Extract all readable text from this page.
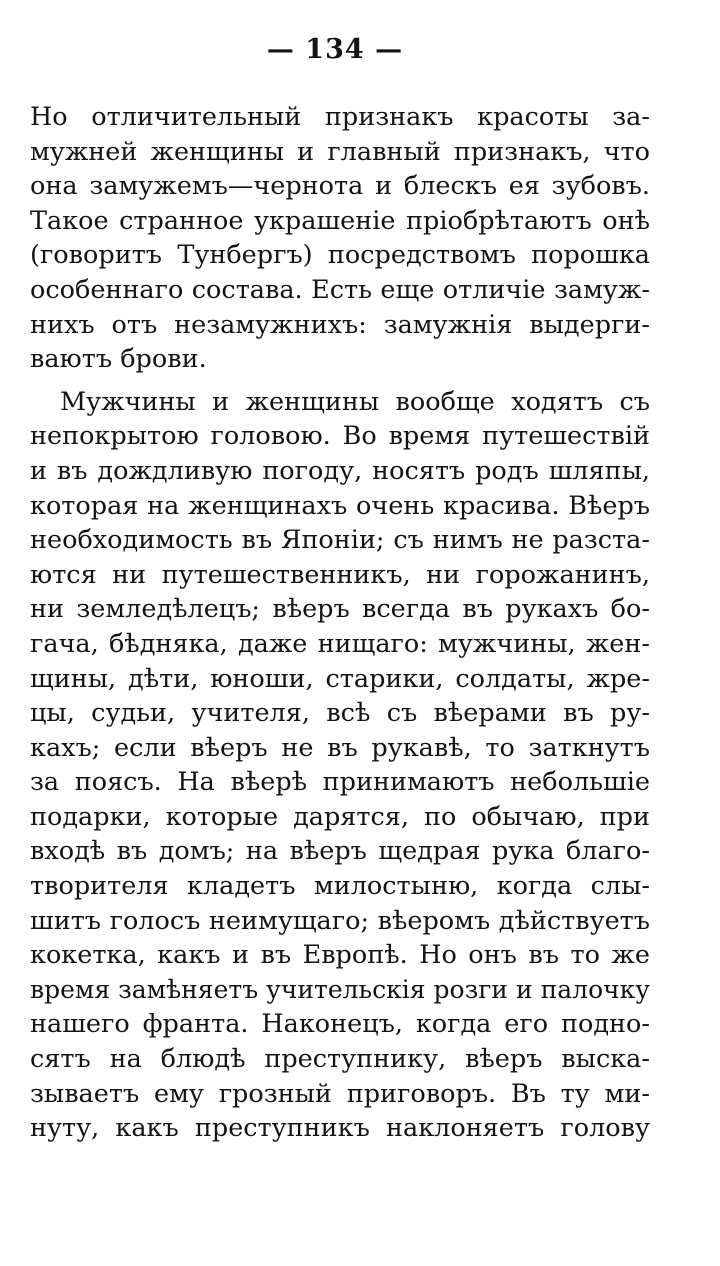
— 134 —
Но отличительный признакъ красоты за-
мужней женщины и главный признакъ, что
она замужемъ—чернота и блескъ ея зубовъ.
Такое странное украшеніе пріобрѣтаютъ онѣ
(говоритъ Тунбергъ) посредствомъ порошка
особеннаго состава. Есть еще отличіе замуж-
нихъ отъ незамужнихъ: замужнія выдерги-
ваютъ брови.
Мужчины и женщины вообще ходятъ съ
непокрытою головою. Во время путешествій
и въ дождливую погоду, носятъ родъ шляпы,
которая на женщинахъ очень красива. Вѣеръ
необходимость въ Японіи; съ нимъ не разста-
ются ни путешественникъ, ни горожанинъ,
ни земледѣлецъ; вѣеръ всегда въ рукахъ бо-
гача, бѣдняка, даже нищаго: мужчины, жен-
щины, дѣти, юноши, старики, солдаты, жре-
цы, судьи, учителя, всѣ съ вѣерами въ ру-
кахъ; если вѣеръ не въ рукавѣ, то заткнутъ
за поясъ. На вѣерѣ принимаютъ небольшіе
подарки, которые дарятся, по обычаю, при
входѣ въ домъ; на вѣеръ щедрая рука благо-
творителя кладетъ милостыню, когда слы-
шитъ голосъ неимущаго; вѣеромъ дѣйствуетъ
кокетка, какъ и въ Европѣ. Но онъ въ то же
время замѣняетъ учительскія розги и палочку
нашего франта. Наконецъ, когда его подно-
сятъ на блюдѣ преступнику, вѣеръ выска-
зываетъ ему грозный приговоръ. Въ ту ми-
нуту, какъ преступникъ наклоняетъ голову
